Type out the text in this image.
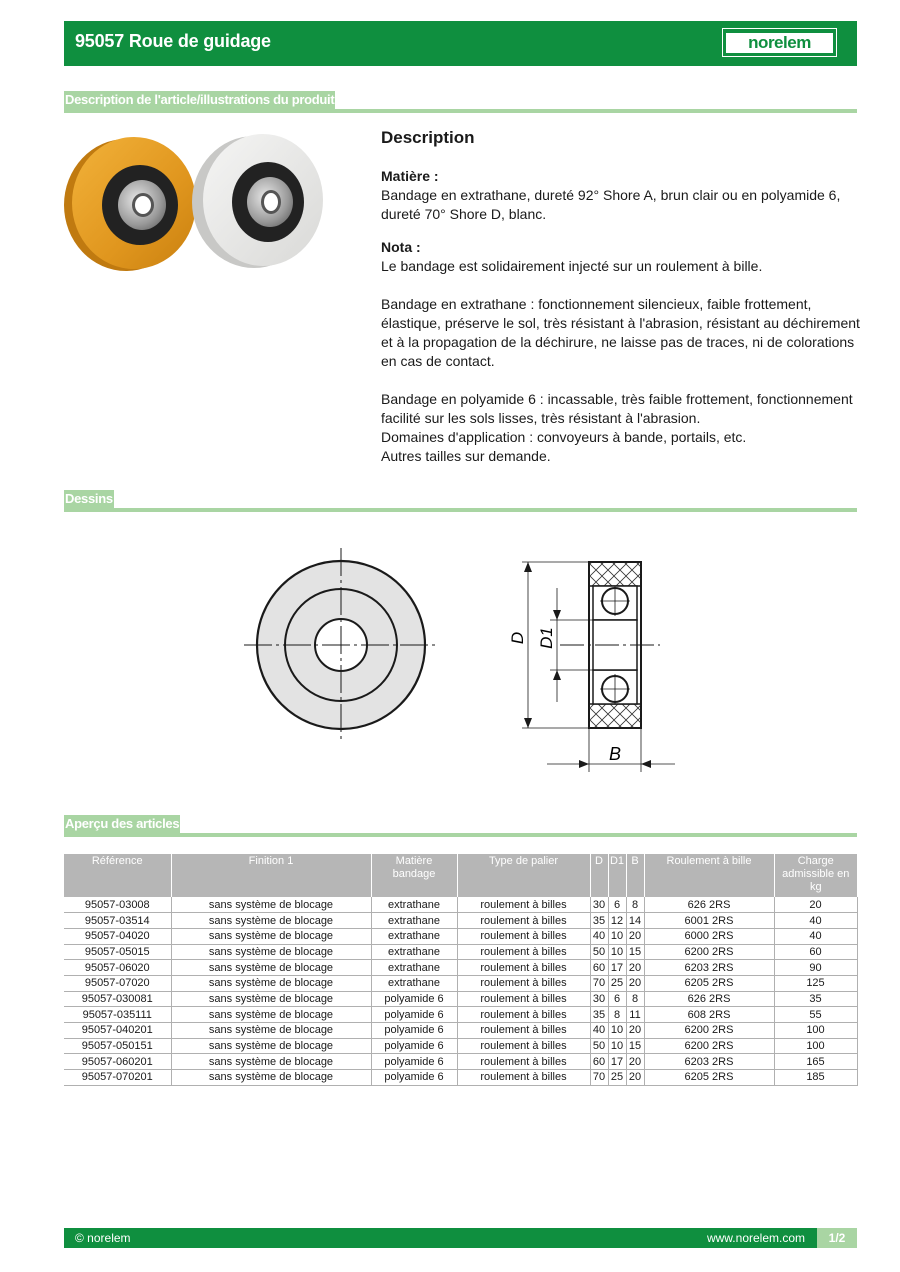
95057 Roue de guidage	norelem
Description de l'article/illustrations du produit
Description

Matière :

Bandage en extrathane, dureté 92° Shore A, brun clair ou en polyamide 6, dureté 70° Shore D, blanc.

Nota :

Le bandage est solidairement injecté sur un roulement à bille.

Bandage en extrathane : fonctionnement silencieux, faible frottement, élastique, préserve le sol, très résistant à l'abrasion, résistant au déchirement et à la propagation de la déchirure, ne laisse pas de traces, ni de colorations en cas de contact.

Bandage en polyamide 6 : incassable, très faible frottement, fonctionnement facilité sur les sols lisses, très résistant à l'abrasion.

Domaines d'application : convoyeurs à bande, portails, etc.

Autres tailles sur demande.

Dessins
D D1
B
Aperçu des articles
Référence	Finition 1	Matière bandage	Type de palier	D	D1	B	Roulement à bille	Charge admissible en kg
95057-03008	sans système de blocage	extrathane	roulement à billes	30	6	8	626 2RS	20
95057-03514	sans système de blocage	extrathane	roulement à billes	35	12	14	6001 2RS	40
95057-04020	sans système de blocage	extrathane	roulement à billes	40	10	20	6000 2RS	40
95057-05015	sans système de blocage	extrathane	roulement à billes	50	10	15	6200 2RS	60
95057-06020	sans système de blocage	extrathane	roulement à billes	60	17	20	6203 2RS	90
95057-07020	sans système de blocage	extrathane	roulement à billes	70	25	20	6205 2RS	125
95057-030081	sans système de blocage	polyamide 6	roulement à billes	30	6	8	626 2RS	35
95057-035111	sans système de blocage	polyamide 6	roulement à billes	35	8	11	608 2RS	55
95057-040201	sans système de blocage	polyamide 6	roulement à billes	40	10	20	6200 2RS	100
95057-050151	sans système de blocage	polyamide 6	roulement à billes	50	10	15	6200 2RS	100
95057-060201	sans système de blocage	polyamide 6	roulement à billes	60	17	20	6203 2RS	165
95057-070201	sans système de blocage	polyamide 6	roulement à billes	70	25	20	6205 2RS	185
© norelem	www.norelem.com	1/2
